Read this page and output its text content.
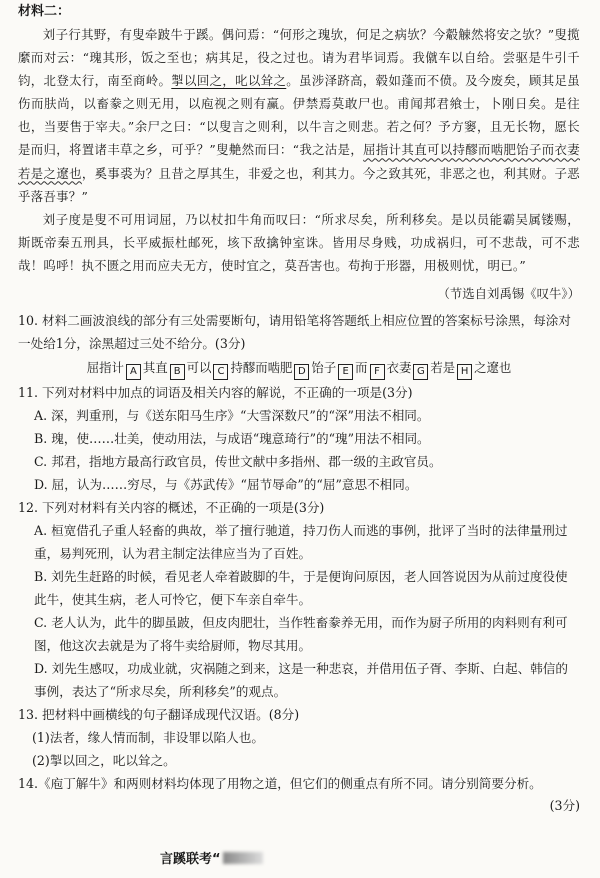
材料二：

刘子行其野，有叟牵跛牛于蹊。偶问焉：“何形之瑰欤，何足之病欤？今觳觫然将安之欤？”叟揽縻而对云：“瑰其形，饭之至也；病其足，役之过也。请为君毕词焉。我僦车以自给。尝驱是牛引千钧，北登太行，南至商岭。掣以回之，叱以耸之。虽涉泽跻高，毂如蓬而不偾。及今废矣，顾其足虽伤而肤尚，以畜豢之则无用，以庖视之则有赢。伊禁焉莫敢尸也。甫闻邦君飨士，卜刚日矣。是往也，当要售于宰夫。”余尸之曰：“以叟言之则利，以牛言之则悲。若之何？予方窭，且无长物，愿长是而归，将置诸丰草之乡，可乎？”叟艴然而曰：“我之沽是，屈指计其直可以持醪而啮肥饴子而衣妻若是之遼也，奚事裘为？且昔之厚其生，非爱之也，利其力。今之致其死，非恶之也，利其财。子恶乎落吾事？”

刘子度是叟不可用词屈，乃以杖扣牛角而叹曰：“所求尽矣，所利移矣。是以员能霸吴属镂赐，斯既帝秦五刑具，长平威振杜邮死，垓下敌擒钟室诛。皆用尽身贱，功成祸归，可不悲哉，可不悲哉！呜呼！执不匮之用而应夫无方，使时宜之，莫吾害也。苟拘于形器，用极则忧，明已。”

（节选自刘禹锡《叹牛》）

10. 材料二画波浪线的部分有三处需要断句，请用铅笔将答题纸上相应位置的答案标号涂黑，每涂对一处给1分，涂黑超过三处不给分。(3分)

屈指计 A 其直 B 可以 C 持醪而啮肥 D 饴子 E 而 F 衣妻 G 若是 H 之遼也

11. 下列对材料中加点的词语及相关内容的解说，不正确的一项是(3分)

A. 深，判重刑，与《送东阳马生序》“大雪深数尺”的“深”用法不相同。

B. 瑰，使……壮美，使动用法，与成语“瑰意琦行”的“瑰”用法不相同。

C. 邦君，指地方最高行政官员，传世文献中多指州、郡一级的主政官员。

D. 屈，认为……穷尽，与《苏武传》“屈节辱命”的“屈”意思不相同。

12. 下列对材料有关内容的概述，不正确的一项是(3分)

A. 桓宽借孔子重人轻畜的典故，举了擅行驰道，持刀伤人而逃的事例，批评了当时的法律量刑过重，易判死刑，认为君主制定法律应当为了百姓。

B. 刘先生赶路的时候，看见老人牵着跛脚的牛，于是便询问原因，老人回答说因为从前过度役使此牛，使其生病，老人可怜它，便下车亲自牵牛。

C. 老人认为，此牛的脚虽跛，但皮肉肥壮，当作牲畜豢养无用，而作为厨子所用的肉料则有利可图，他这次去就是为了将牛卖给厨师，物尽其用。

D. 刘先生感叹，功成业就，灾祸随之到来，这是一种悲哀，并借用伍子胥、李斯、白起、韩信的事例，表达了“所求尽矣，所利移矣”的观点。

13. 把材料中画横线的句子翻译成现代汉语。(8分)

(1)法者，缘人情而制，非设罪以陷人也。

(2)掣以回之，叱以耸之。

14.《庖丁解牛》和两则材料均体现了用物之道，但它们的侧重点有所不同。请分别简要分析。

(3分)

言蹊联考“
